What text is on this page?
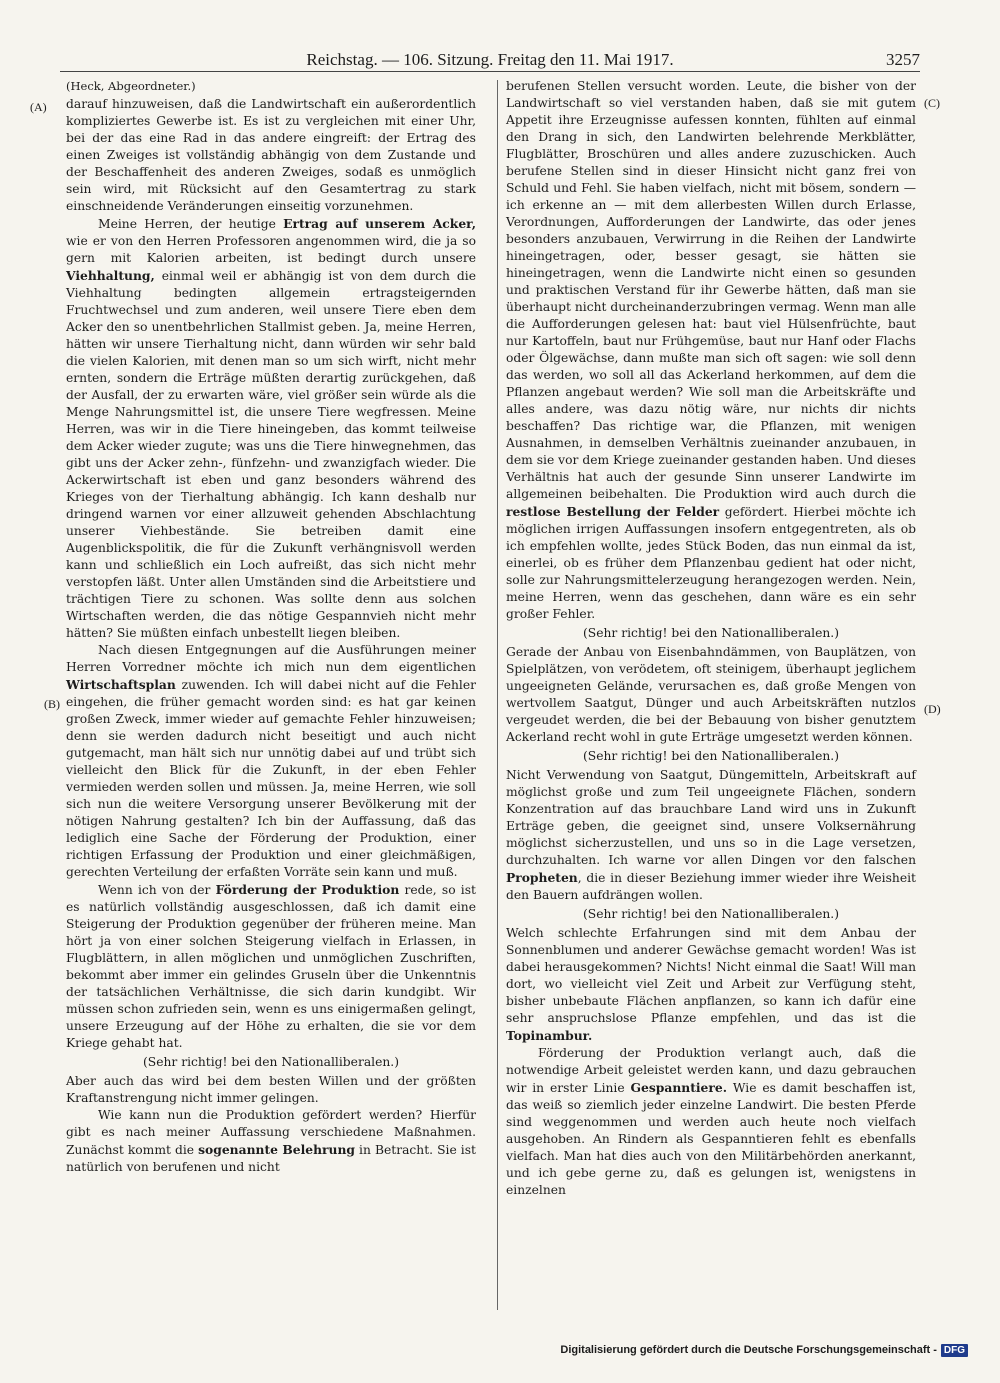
Reichstag. — 106. Sitzung. Freitag den 11. Mai 1917.	3257
(A)
(B)
(C)
(D)
(Heck, Abgeordneter.)

darauf hinzuweisen, daß die Landwirtschaft ein außerordentlich kompliziertes Gewerbe ist. Es ist zu vergleichen mit einer Uhr, bei der das eine Rad in das andere eingreift: der Ertrag des einen Zweiges ist vollständig abhängig von dem Zustande und der Beschaffenheit des anderen Zweiges, sodaß es unmöglich sein wird, mit Rücksicht auf den Gesamtertrag zu stark einschneidende Veränderungen einseitig vorzunehmen.

Meine Herren, der heutige Ertrag auf unserem Acker, wie er von den Herren Professoren angenommen wird, die ja so gern mit Kalorien arbeiten, ist bedingt durch unsere Viehhaltung, einmal weil er abhängig ist von dem durch die Viehhaltung bedingten allgemein ertragsteigernden Fruchtwechsel und zum anderen, weil unsere Tiere eben dem Acker den so unentbehrlichen Stallmist geben. Ja, meine Herren, hätten wir unsere Tierhaltung nicht, dann würden wir sehr bald die vielen Kalorien, mit denen man so um sich wirft, nicht mehr ernten, sondern die Erträge müßten derartig zurückgehen, daß der Ausfall, der zu erwarten wäre, viel größer sein würde als die Menge Nahrungsmittel ist, die unsere Tiere wegfressen. Meine Herren, was wir in die Tiere hineingeben, das kommt teilweise dem Acker wieder zugute; was uns die Tiere hinwegnehmen, das gibt uns der Acker zehn-, fünfzehn- und zwanzigfach wieder. Die Ackerwirtschaft ist eben und ganz besonders während des Krieges von der Tierhaltung abhängig. Ich kann deshalb nur dringend warnen vor einer allzuweit gehenden Abschlachtung unserer Viehbestände. Sie betreiben damit eine Augenblickspolitik, die für die Zukunft verhängnisvoll werden kann und schließlich ein Loch aufreißt, das sich nicht mehr verstopfen läßt. Unter allen Umständen sind die Arbeitstiere und trächtigen Tiere zu schonen. Was sollte denn aus solchen Wirtschaften werden, die das nötige Gespannvieh nicht mehr hätten? Sie müßten einfach unbestellt liegen bleiben.

Nach diesen Entgegnungen auf die Ausführungen meiner Herren Vorredner möchte ich mich nun dem eigentlichen Wirtschaftsplan zuwenden. Ich will dabei nicht auf die Fehler eingehen, die früher gemacht worden sind: es hat gar keinen großen Zweck, immer wieder auf gemachte Fehler hinzuweisen; denn sie werden dadurch nicht beseitigt und auch nicht gutgemacht, man hält sich nur unnötig dabei auf und trübt sich vielleicht den Blick für die Zukunft, in der eben Fehler vermieden werden sollen und müssen. Ja, meine Herren, wie soll sich nun die weitere Versorgung unserer Bevölkerung mit der nötigen Nahrung gestalten? Ich bin der Auffassung, daß das lediglich eine Sache der Förderung der Produktion, einer richtigen Erfassung der Produktion und einer gleichmäßigen, gerechten Verteilung der erfaßten Vorräte sein kann und muß.

Wenn ich von der Förderung der Produktion rede, so ist es natürlich vollständig ausgeschlossen, daß ich damit eine Steigerung der Produktion gegenüber der früheren meine. Man hört ja von einer solchen Steigerung vielfach in Erlassen, in Flugblättern, in allen möglichen und unmöglichen Zuschriften, bekommt aber immer ein gelindes Gruseln über die Unkenntnis der tatsächlichen Verhältnisse, die sich darin kundgibt. Wir müssen schon zufrieden sein, wenn es uns einigermaßen gelingt, unsere Erzeugung auf der Höhe zu erhalten, die sie vor dem Kriege gehabt hat.

(Sehr richtig! bei den Nationalliberalen.)

Aber auch das wird bei dem besten Willen und der größten Kraftanstrengung nicht immer gelingen.

Wie kann nun die Produktion gefördert werden? Hierfür gibt es nach meiner Auffassung verschiedene Maßnahmen. Zunächst kommt die sogenannte Belehrung in Betracht. Sie ist natürlich von berufenen und nicht

berufenen Stellen versucht worden. Leute, die bisher von der Landwirtschaft so viel verstanden haben, daß sie mit gutem Appetit ihre Erzeugnisse aufessen konnten, fühlten auf einmal den Drang in sich, den Landwirten belehrende Merkblätter, Flugblätter, Broschüren und alles andere zuzuschicken. Auch berufene Stellen sind in dieser Hinsicht nicht ganz frei von Schuld und Fehl. Sie haben vielfach, nicht mit bösem, sondern — ich erkenne an — mit dem allerbesten Willen durch Erlasse, Verordnungen, Aufforderungen der Landwirte, das oder jenes besonders anzubauen, Verwirrung in die Reihen der Landwirte hineingetragen, oder, besser gesagt, sie hätten sie hineingetragen, wenn die Landwirte nicht einen so gesunden und praktischen Verstand für ihr Gewerbe hätten, daß man sie überhaupt nicht durcheinanderzubringen vermag. Wenn man alle die Aufforderungen gelesen hat: baut viel Hülsenfrüchte, baut nur Kartoffeln, baut nur Frühgemüse, baut nur Hanf oder Flachs oder Ölgewächse, dann mußte man sich oft sagen: wie soll denn das werden, wo soll all das Ackerland herkommen, auf dem die Pflanzen angebaut werden? Wie soll man die Arbeitskräfte und alles andere, was dazu nötig wäre, nur nichts dir nichts beschaffen? Das richtige war, die Pflanzen, mit wenigen Ausnahmen, in demselben Verhältnis zueinander anzubauen, in dem sie vor dem Kriege zueinander gestanden haben. Und dieses Verhältnis hat auch der gesunde Sinn unserer Landwirte im allgemeinen beibehalten. Die Produktion wird auch durch die restlose Bestellung der Felder gefördert. Hierbei möchte ich möglichen irrigen Auffassungen insofern entgegentreten, als ob ich empfehlen wollte, jedes Stück Boden, das nun einmal da ist, einerlei, ob es früher dem Pflanzenbau gedient hat oder nicht, solle zur Nahrungsmittelerzeugung herangezogen werden. Nein, meine Herren, wenn das geschehen, dann wäre es ein sehr großer Fehler.

(Sehr richtig! bei den Nationalliberalen.)

Gerade der Anbau von Eisenbahndämmen, von Bauplätzen, von Spielplätzen, von verödetem, oft steinigem, überhaupt jeglichem ungeeigneten Gelände, verursachen es, daß große Mengen von wertvollem Saatgut, Dünger und auch Arbeitskräften nutzlos vergeudet werden, die bei der Bebauung von bisher genutztem Ackerland recht wohl in gute Erträge umgesetzt werden können.

(Sehr richtig! bei den Nationalliberalen.)

Nicht Verwendung von Saatgut, Düngemitteln, Arbeitskraft auf möglichst große und zum Teil ungeeignete Flächen, sondern Konzentration auf das brauchbare Land wird uns in Zukunft Erträge geben, die geeignet sind, unsere Volksernährung möglichst sicherzustellen, und uns so in die Lage versetzen, durchzuhalten. Ich warne vor allen Dingen vor den falschen Propheten, die in dieser Beziehung immer wieder ihre Weisheit den Bauern aufdrängen wollen.

(Sehr richtig! bei den Nationalliberalen.)

Welch schlechte Erfahrungen sind mit dem Anbau der Sonnenblumen und anderer Gewächse gemacht worden! Was ist dabei herausgekommen? Nichts! Nicht einmal die Saat! Will man dort, wo vielleicht viel Zeit und Arbeit zur Verfügung steht, bisher unbebaute Flächen anpflanzen, so kann ich dafür eine sehr anspruchslose Pflanze empfehlen, und das ist die Topinambur.

Förderung der Produktion verlangt auch, daß die notwendige Arbeit geleistet werden kann, und dazu gebrauchen wir in erster Linie Gespanntiere. Wie es damit beschaffen ist, das weiß so ziemlich jeder einzelne Landwirt. Die besten Pferde sind weggenommen und werden auch heute noch vielfach ausgehoben. An Rindern als Gespanntieren fehlt es ebenfalls vielfach. Man hat dies auch von den Militärbehörden anerkannt, und ich gebe gerne zu, daß es gelungen ist, wenigstens in einzelnen

Digitalisierung gefördert durch die Deutsche Forschungsgemeinschaft - DFG
